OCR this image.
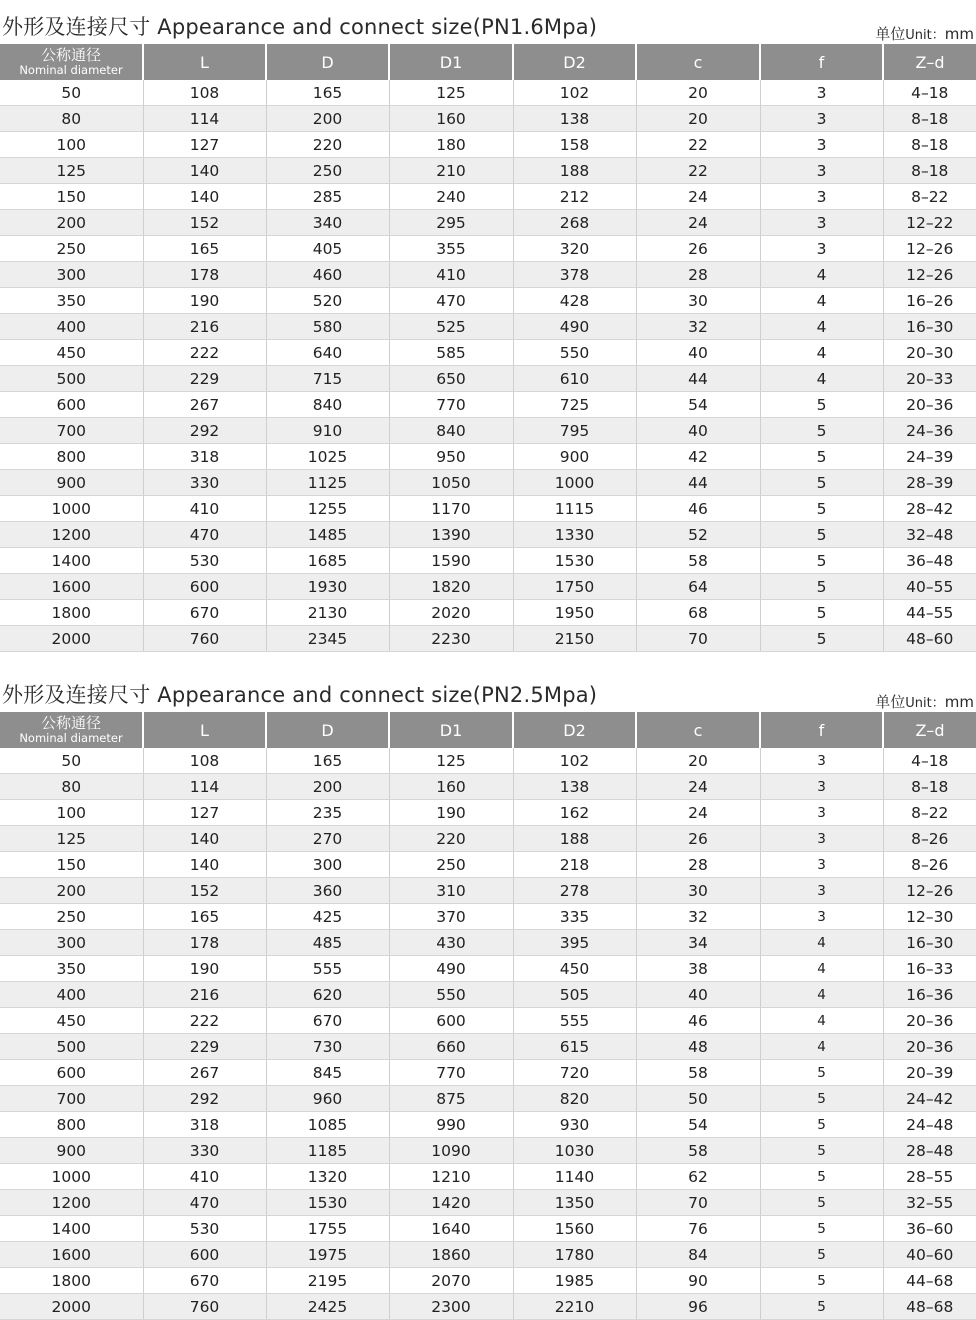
外形及连接尺寸 Appearance and connect size(PN1.6Mpa)	单位Unit：mm
公称通径
Nominal diameter	L	D	D1	D2	c	f	Z–d
50	108	165	125	102	20	3	4–18
80	114	200	160	138	20	3	8–18
100	127	220	180	158	22	3	8–18
125	140	250	210	188	22	3	8–18
150	140	285	240	212	24	3	8–22
200	152	340	295	268	24	3	12–22
250	165	405	355	320	26	3	12–26
300	178	460	410	378	28	4	12–26
350	190	520	470	428	30	4	16–26
400	216	580	525	490	32	4	16–30
450	222	640	585	550	40	4	20–30
500	229	715	650	610	44	4	20–33
600	267	840	770	725	54	5	20–36
700	292	910	840	795	40	5	24–36
800	318	1025	950	900	42	5	24–39
900	330	1125	1050	1000	44	5	28–39
1000	410	1255	1170	1115	46	5	28–42
1200	470	1485	1390	1330	52	5	32–48
1400	530	1685	1590	1530	58	5	36–48
1600	600	1930	1820	1750	64	5	40–55
1800	670	2130	2020	1950	68	5	44–55
2000	760	2345	2230	2150	70	5	48–60
外形及连接尺寸 Appearance and connect size(PN2.5Mpa)	单位Unit：mm
公称通径
Nominal diameter	L	D	D1	D2	c	f	Z–d
50	108	165	125	102	20	3	4–18
80	114	200	160	138	24	3	8–18
100	127	235	190	162	24	3	8–22
125	140	270	220	188	26	3	8–26
150	140	300	250	218	28	3	8–26
200	152	360	310	278	30	3	12–26
250	165	425	370	335	32	3	12–30
300	178	485	430	395	34	4	16–30
350	190	555	490	450	38	4	16–33
400	216	620	550	505	40	4	16–36
450	222	670	600	555	46	4	20–36
500	229	730	660	615	48	4	20–36
600	267	845	770	720	58	5	20–39
700	292	960	875	820	50	5	24–42
800	318	1085	990	930	54	5	24–48
900	330	1185	1090	1030	58	5	28–48
1000	410	1320	1210	1140	62	5	28–55
1200	470	1530	1420	1350	70	5	32–55
1400	530	1755	1640	1560	76	5	36–60
1600	600	1975	1860	1780	84	5	40–60
1800	670	2195	2070	1985	90	5	44–68
2000	760	2425	2300	2210	96	5	48–68
